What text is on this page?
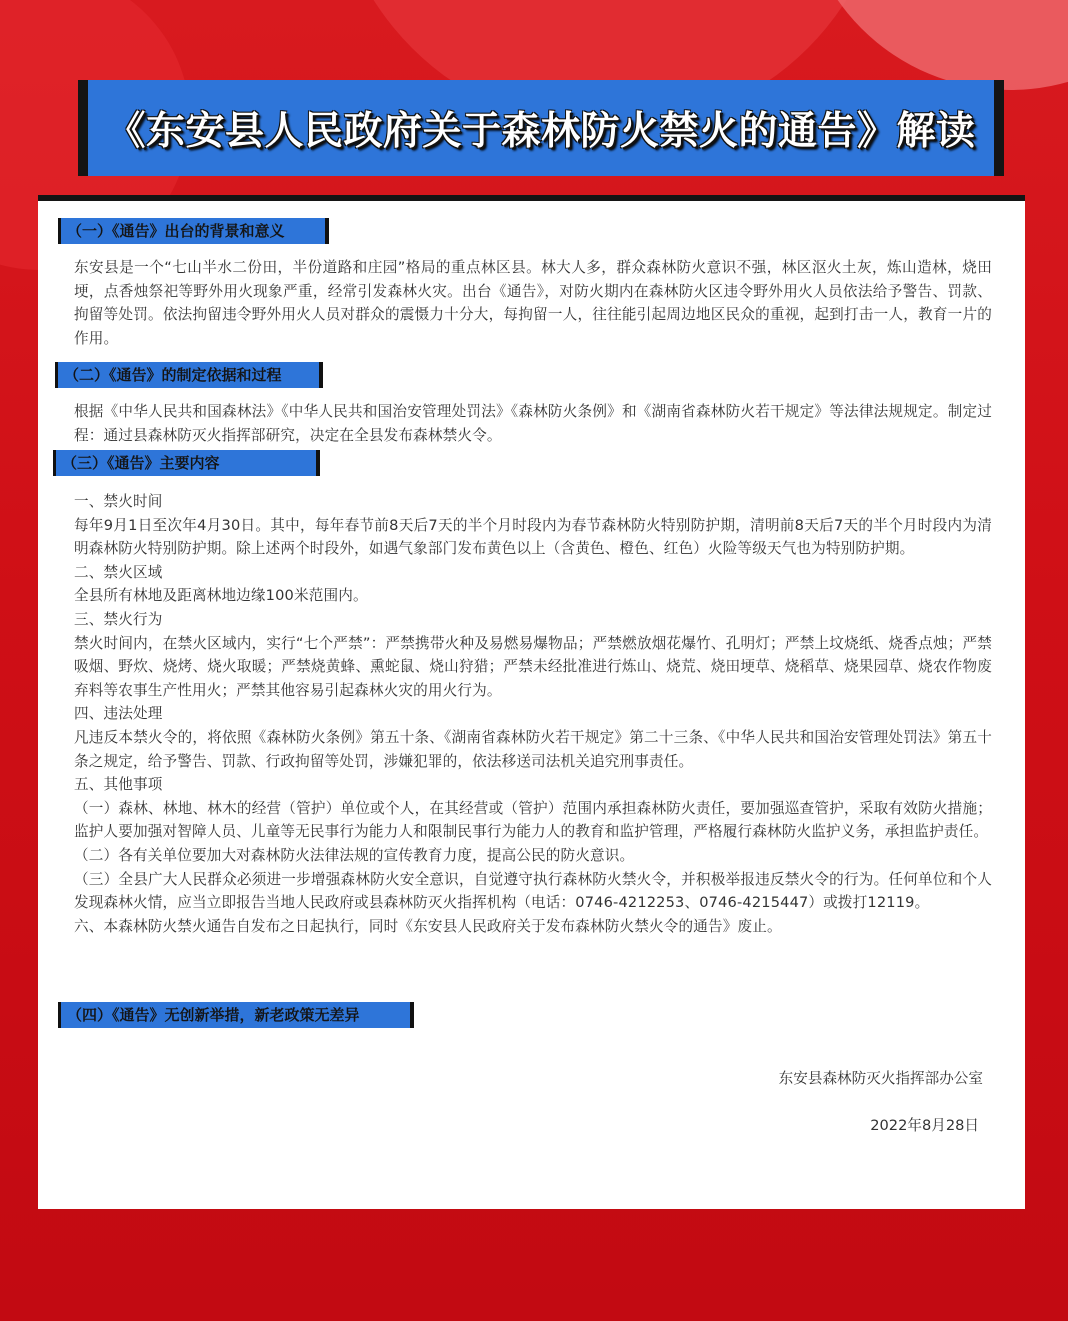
《东安县人民政府关于森林防火禁火的通告》解读
（一）《通告》出台的背景和意义

东安县是一个“七山半水二份田，半份道路和庄园”格局的重点林区县。林大人多，群众森林防火意识不强，林区沤火土灰，炼山造林，烧田埂，点香烛祭祀等野外用火现象严重，经常引发森林火灾。出台《通告》，对防火期内在森林防火区违令野外用火人员依法给予警告、罚款、拘留等处罚。依法拘留违令野外用火人员对群众的震慑力十分大，每拘留一人，往往能引起周边地区民众的重视，起到打击一人，教育一片的作用。

（二）《通告》的制定依据和过程

根据《中华人民共和国森林法》《中华人民共和国治安管理处罚法》《森林防火条例》和《湖南省森林防火若干规定》等法律法规规定。制定过程：通过县森林防灭火指挥部研究，决定在全县发布森林禁火令。

（三）《通告》主要内容
一、禁火时间
每年9月1日至次年4月30日。其中，每年春节前8天后7天的半个月时段内为春节森林防火特别防护期，清明前8天后7天的半个月时段内为清明森林防火特别防护期。除上述两个时段外，如遇气象部门发布黄色以上（含黄色、橙色、红色）火险等级天气也为特别防护期。
二、禁火区域
全县所有林地及距离林地边缘100米范围内。
三、禁火行为
禁火时间内，在禁火区域内，实行“七个严禁”：严禁携带火种及易燃易爆物品；严禁燃放烟花爆竹、孔明灯；严禁上坟烧纸、烧香点烛；严禁吸烟、野炊、烧烤、烧火取暖；严禁烧黄蜂、熏蛇鼠、烧山狩猎；严禁未经批准进行炼山、烧荒、烧田埂草、烧稻草、烧果园草、烧农作物废弃料等农事生产性用火；严禁其他容易引起森林火灾的用火行为。
四、违法处理
凡违反本禁火令的，将依照《森林防火条例》第五十条、《湖南省森林防火若干规定》第二十三条、《中华人民共和国治安管理处罚法》第五十条之规定，给予警告、罚款、行政拘留等处罚，涉嫌犯罪的，依法移送司法机关追究刑事责任。
五、其他事项
（一）森林、林地、林木的经营（管护）单位或个人，在其经营或（管护）范围内承担森林防火责任，要加强巡查管护，采取有效防火措施；监护人要加强对智障人员、儿童等无民事行为能力人和限制民事行为能力人的教育和监护管理，严格履行森林防火监护义务，承担监护责任。
（二）各有关单位要加大对森林防火法律法规的宣传教育力度，提高公民的防火意识。
（三）全县广大人民群众必须进一步增强森林防火安全意识，自觉遵守执行森林防火禁火令，并积极举报违反禁火令的行为。任何单位和个人发现森林火情，应当立即报告当地人民政府或县森林防灭火指挥机构（电话：0746-4212253、0746-4215447）或拨打12119。
六、本森林防火禁火通告自发布之日起执行，同时《东安县人民政府关于发布森林防火禁火令的通告》废止。
（四）《通告》无创新举措，新老政策无差异
东安县森林防灭火指挥部办公室
2022年8月28日
